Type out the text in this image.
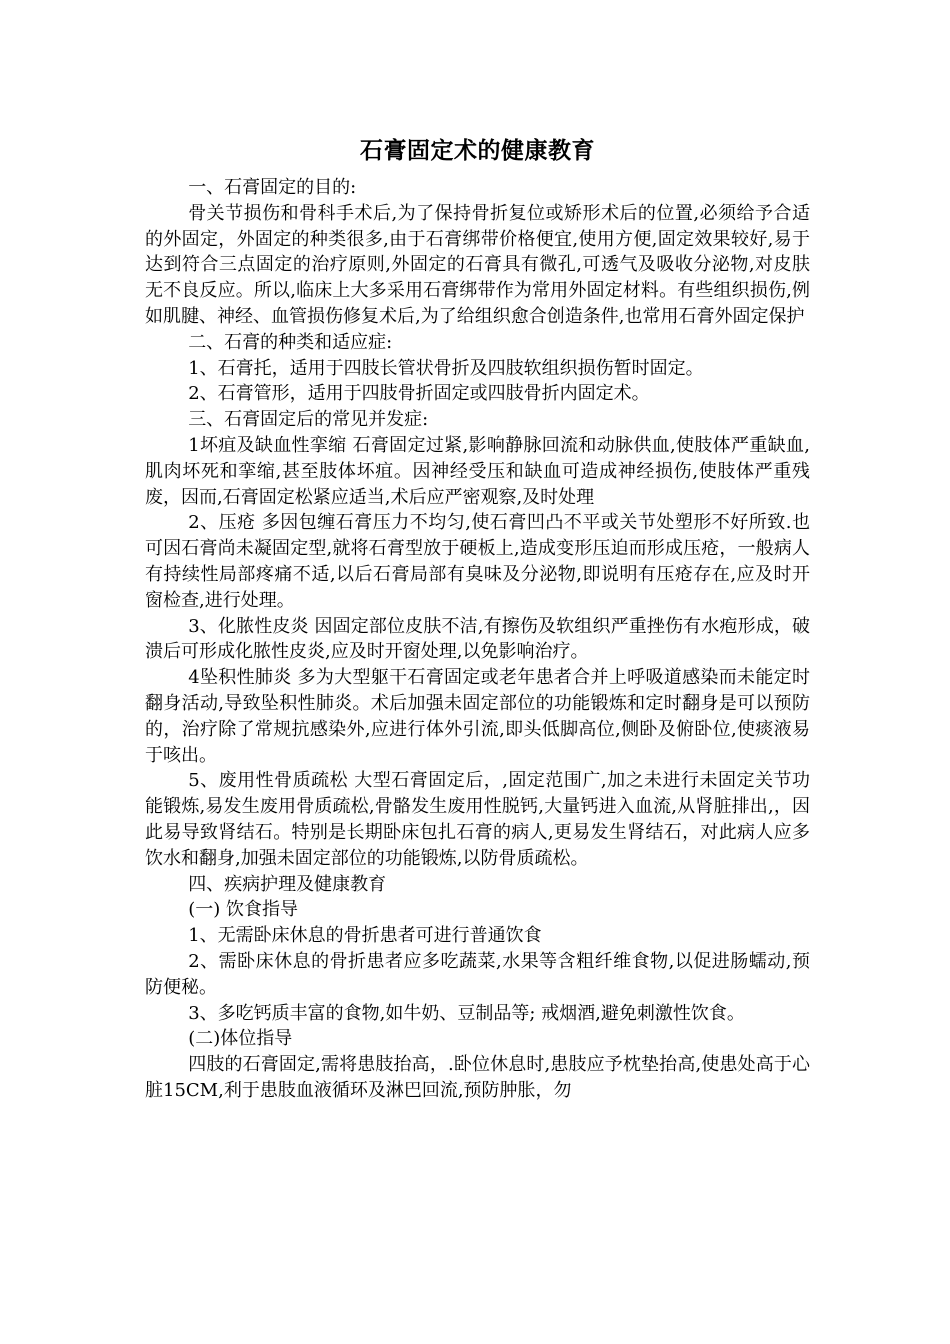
石膏固定术的健康教育

一、石膏固定的目的:

骨关节损伤和骨科手术后,为了保持骨折复位或矫形术后的位置,必须给予合适的外固定，外固定的种类很多,由于石膏绑带价格便宜,使用方便,固定效果较好,易于达到符合三点固定的治疗原则,外固定的石膏具有微孔,可透气及吸收分泌物,对皮肤无不良反应。所以,临床上大多采用石膏绑带作为常用外固定材料。有些组织损伤,例如肌腱、神经、血管损伤修复术后,为了给组织愈合创造条件,也常用石膏外固定保护

二、石膏的种类和适应症:

1、石膏托，适用于四肢长管状骨折及四肢软组织损伤暂时固定。

2、石膏管形，适用于四肢骨折固定或四肢骨折内固定术。

三、石膏固定后的常见并发症:

1坏疽及缺血性挛缩 石膏固定过紧,影响静脉回流和动脉供血,使肢体严重缺血,肌肉坏死和挛缩,甚至肢体坏疽。因神经受压和缺血可造成神经损伤,使肢体严重残废，因而,石膏固定松紧应适当,术后应严密观察,及时处理

2、压疮 多因包缠石膏压力不均匀,使石膏凹凸不平或关节处塑形不好所致.也可因石膏尚未凝固定型,就将石膏型放于硬板上,造成变形压迫而形成压疮，一般病人有持续性局部疼痛不适,以后石膏局部有臭味及分泌物,即说明有压疮存在,应及时开窗检查,进行处理。

3、化脓性皮炎 因固定部位皮肤不洁,有擦伤及软组织严重挫伤有水疱形成，破溃后可形成化脓性皮炎,应及时开窗处理,以免影响治疗。

4坠积性肺炎 多为大型躯干石膏固定或老年患者合并上呼吸道感染而未能定时翻身活动,导致坠积性肺炎。术后加强未固定部位的功能锻炼和定时翻身是可以预防的，治疗除了常规抗感染外,应进行体外引流,即头低脚高位,侧卧及俯卧位,使痰液易于咳出。

5、废用性骨质疏松 大型石膏固定后，,固定范围广,加之未进行未固定关节功能锻炼,易发生废用骨质疏松,骨骼发生废用性脱钙,大量钙进入血流,从肾脏排出,，因此易导致肾结石。特别是长期卧床包扎石膏的病人,更易发生肾结石，对此病人应多饮水和翻身,加强未固定部位的功能锻炼,以防骨质疏松。

四、疾病护理及健康教育

(一) 饮食指导

1、无需卧床休息的骨折患者可进行普通饮食

2、需卧床休息的骨折患者应多吃蔬菜,水果等含粗纤维食物,以促进肠蠕动,预防便秘。

3、多吃钙质丰富的食物,如牛奶、豆制品等; 戒烟酒,避免刺激性饮食。

(二)体位指导

四肢的石膏固定,需将患肢抬高，.卧位休息时,患肢应予枕垫抬高,使患处高于心脏15CM,利于患肢血液循环及淋巴回流,预防肿胀，勿
